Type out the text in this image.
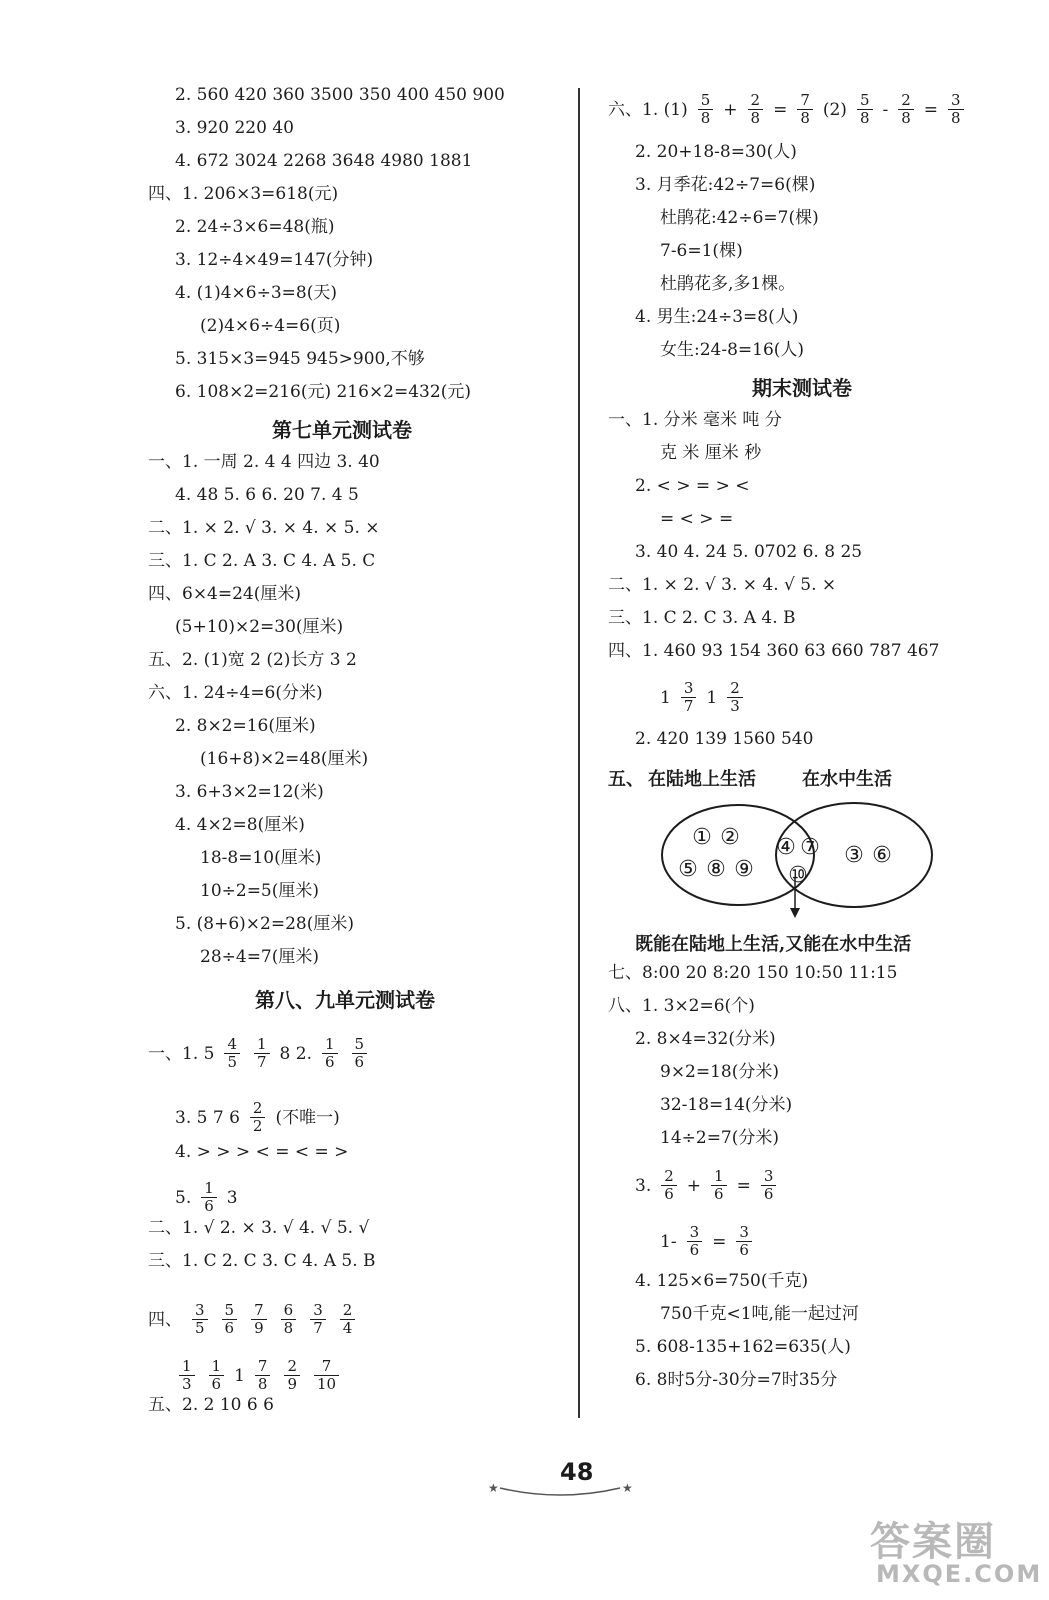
第七单元测试卷
第八、九单元测试卷
2. 560 420 360 3500 350 400 450 900
3. 920 220 40
4. 672 3024 2268 3648 4980 1881
四、1. 206×3=618(元)
2. 24÷3×6=48(瓶)
3. 12÷4×49=147(分钟)
4. (1)4×6÷3=8(天)
(2)4×6÷4=6(页)
5. 315×3=945 945>900,不够
6. 108×2=216(元) 216×2=432(元)
一、1. 一周 2. 4 4 四边 3. 40
4. 48 5. 6 6. 20 7. 4 5
二、1. × 2. √ 3. × 4. × 5. ×
三、1. C 2. A 3. C 4. A 5. C
四、6×4=24(厘米)
(5+10)×2=30(厘米)
五、2. (1)宽 2 (2)长方 3 2
六、1. 24÷4=6(分米)
2. 8×2=16(厘米)
(16+8)×2=48(厘米)
3. 6+3×2=12(米)
4. 4×2=8(厘米)
18-8=10(厘米)
10÷2=5(厘米)
5. (8+6)×2=28(厘米)
28÷4=7(厘米)
二、1. √ 2. × 3. √ 4. √ 5. √
三、1. C 2. C 3. C 4. A 5. B
五、2. 2 10 6 6
一、1. $5 \frac{4}{5} \frac{1}{7} 8$ 2. $\frac{1}{6} \frac{5}{6}$
3. 5 7 $6 \frac{2}{2}$ (不唯一)
4. > > > < = < = >
5. $\frac{1}{6} 3$
四、 $\frac{3}{5} \frac{5}{6} \frac{7}{9} \frac{6}{8} \frac{3}{7} \frac{2}{4}$
$\frac{1}{3} \frac{1}{6} 1 \frac{7}{8} \frac{2}{9} \frac{7}{10}$
期末测试卷
五、 在陆地上生活	在水中生活
① ②
⑤ ⑧ ⑨
④ ⑦
⑩
③ ⑥
既能在陆地上生活,又能在水中生活
2. 20+18-8=30(人)
3. 月季花:42÷7=6(棵)
杜鹃花:42÷6=7(棵)
7-6=1(棵)
杜鹃花多,多1棵。
4. 男生:24÷3=8(人)
女生:24-8=16(人)
一、1. 分米 毫米 吨 分
克 米 厘米 秒
2. < > = > <
= < > =
3. 40 4. 24 5. 0702 6. 8 25
二、1. × 2. √ 3. × 4. √ 5. ×
三、1. C 2. C 3. A 4. B
四、1. 460 93 154 360 63 660 787 467
2. 420 139 1560 540
七、8:00 20 8:20 150 10:50 11:15
八、1. 3×2=6(个)
2. 8×4=32(分米)
9×2=18(分米)
32-18=14(分米)
14÷2=7(分米)
4. 125×6=750(千克)
750千克<1吨,能一起过河
5. 608-135+162=635(人)
6. 8时5分-30分=7时35分
六、1. $(1) \frac{5}{8} + \frac{2}{8} = \frac{7}{8} (2) \frac{5}{8} - \frac{2}{8} = \frac{3}{8}$
$1 \frac{3}{7} 1 \frac{2}{3}$
3. $\frac{2}{6} + \frac{1}{6} = \frac{3}{6}$
$1- \frac{3}{6} = \frac{3}{6}$
48
★	★
答案圈
MXQE.COM
